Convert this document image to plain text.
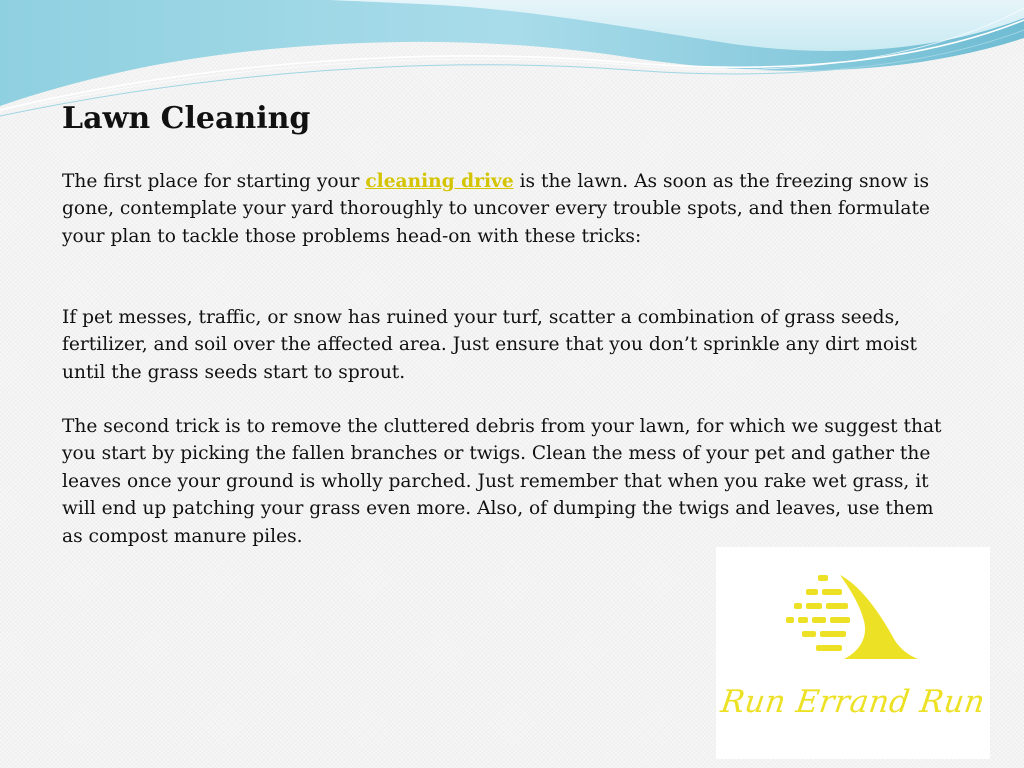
Lawn Cleaning

The first place for starting your cleaning drive is the lawn. As soon as the freezing snow is gone, contemplate your yard thoroughly to uncover every trouble spots, and then formulate your plan to tackle those problems head-on with these tricks:

If pet messes, traffic, or snow has ruined your turf, scatter a combination of grass seeds, fertilizer, and soil over the affected area. Just ensure that you don’t sprinkle any dirt moist until the grass seeds start to sprout.

The second trick is to remove the cluttered debris from your lawn, for which we suggest that you start by picking the fallen branches or twigs. Clean the mess of your pet and gather the leaves once your ground is wholly parched. Just remember that when you rake wet grass, it will end up patching your grass even more. Also, of dumping the twigs and leaves, use them as compost manure piles.

Run Errand Run
